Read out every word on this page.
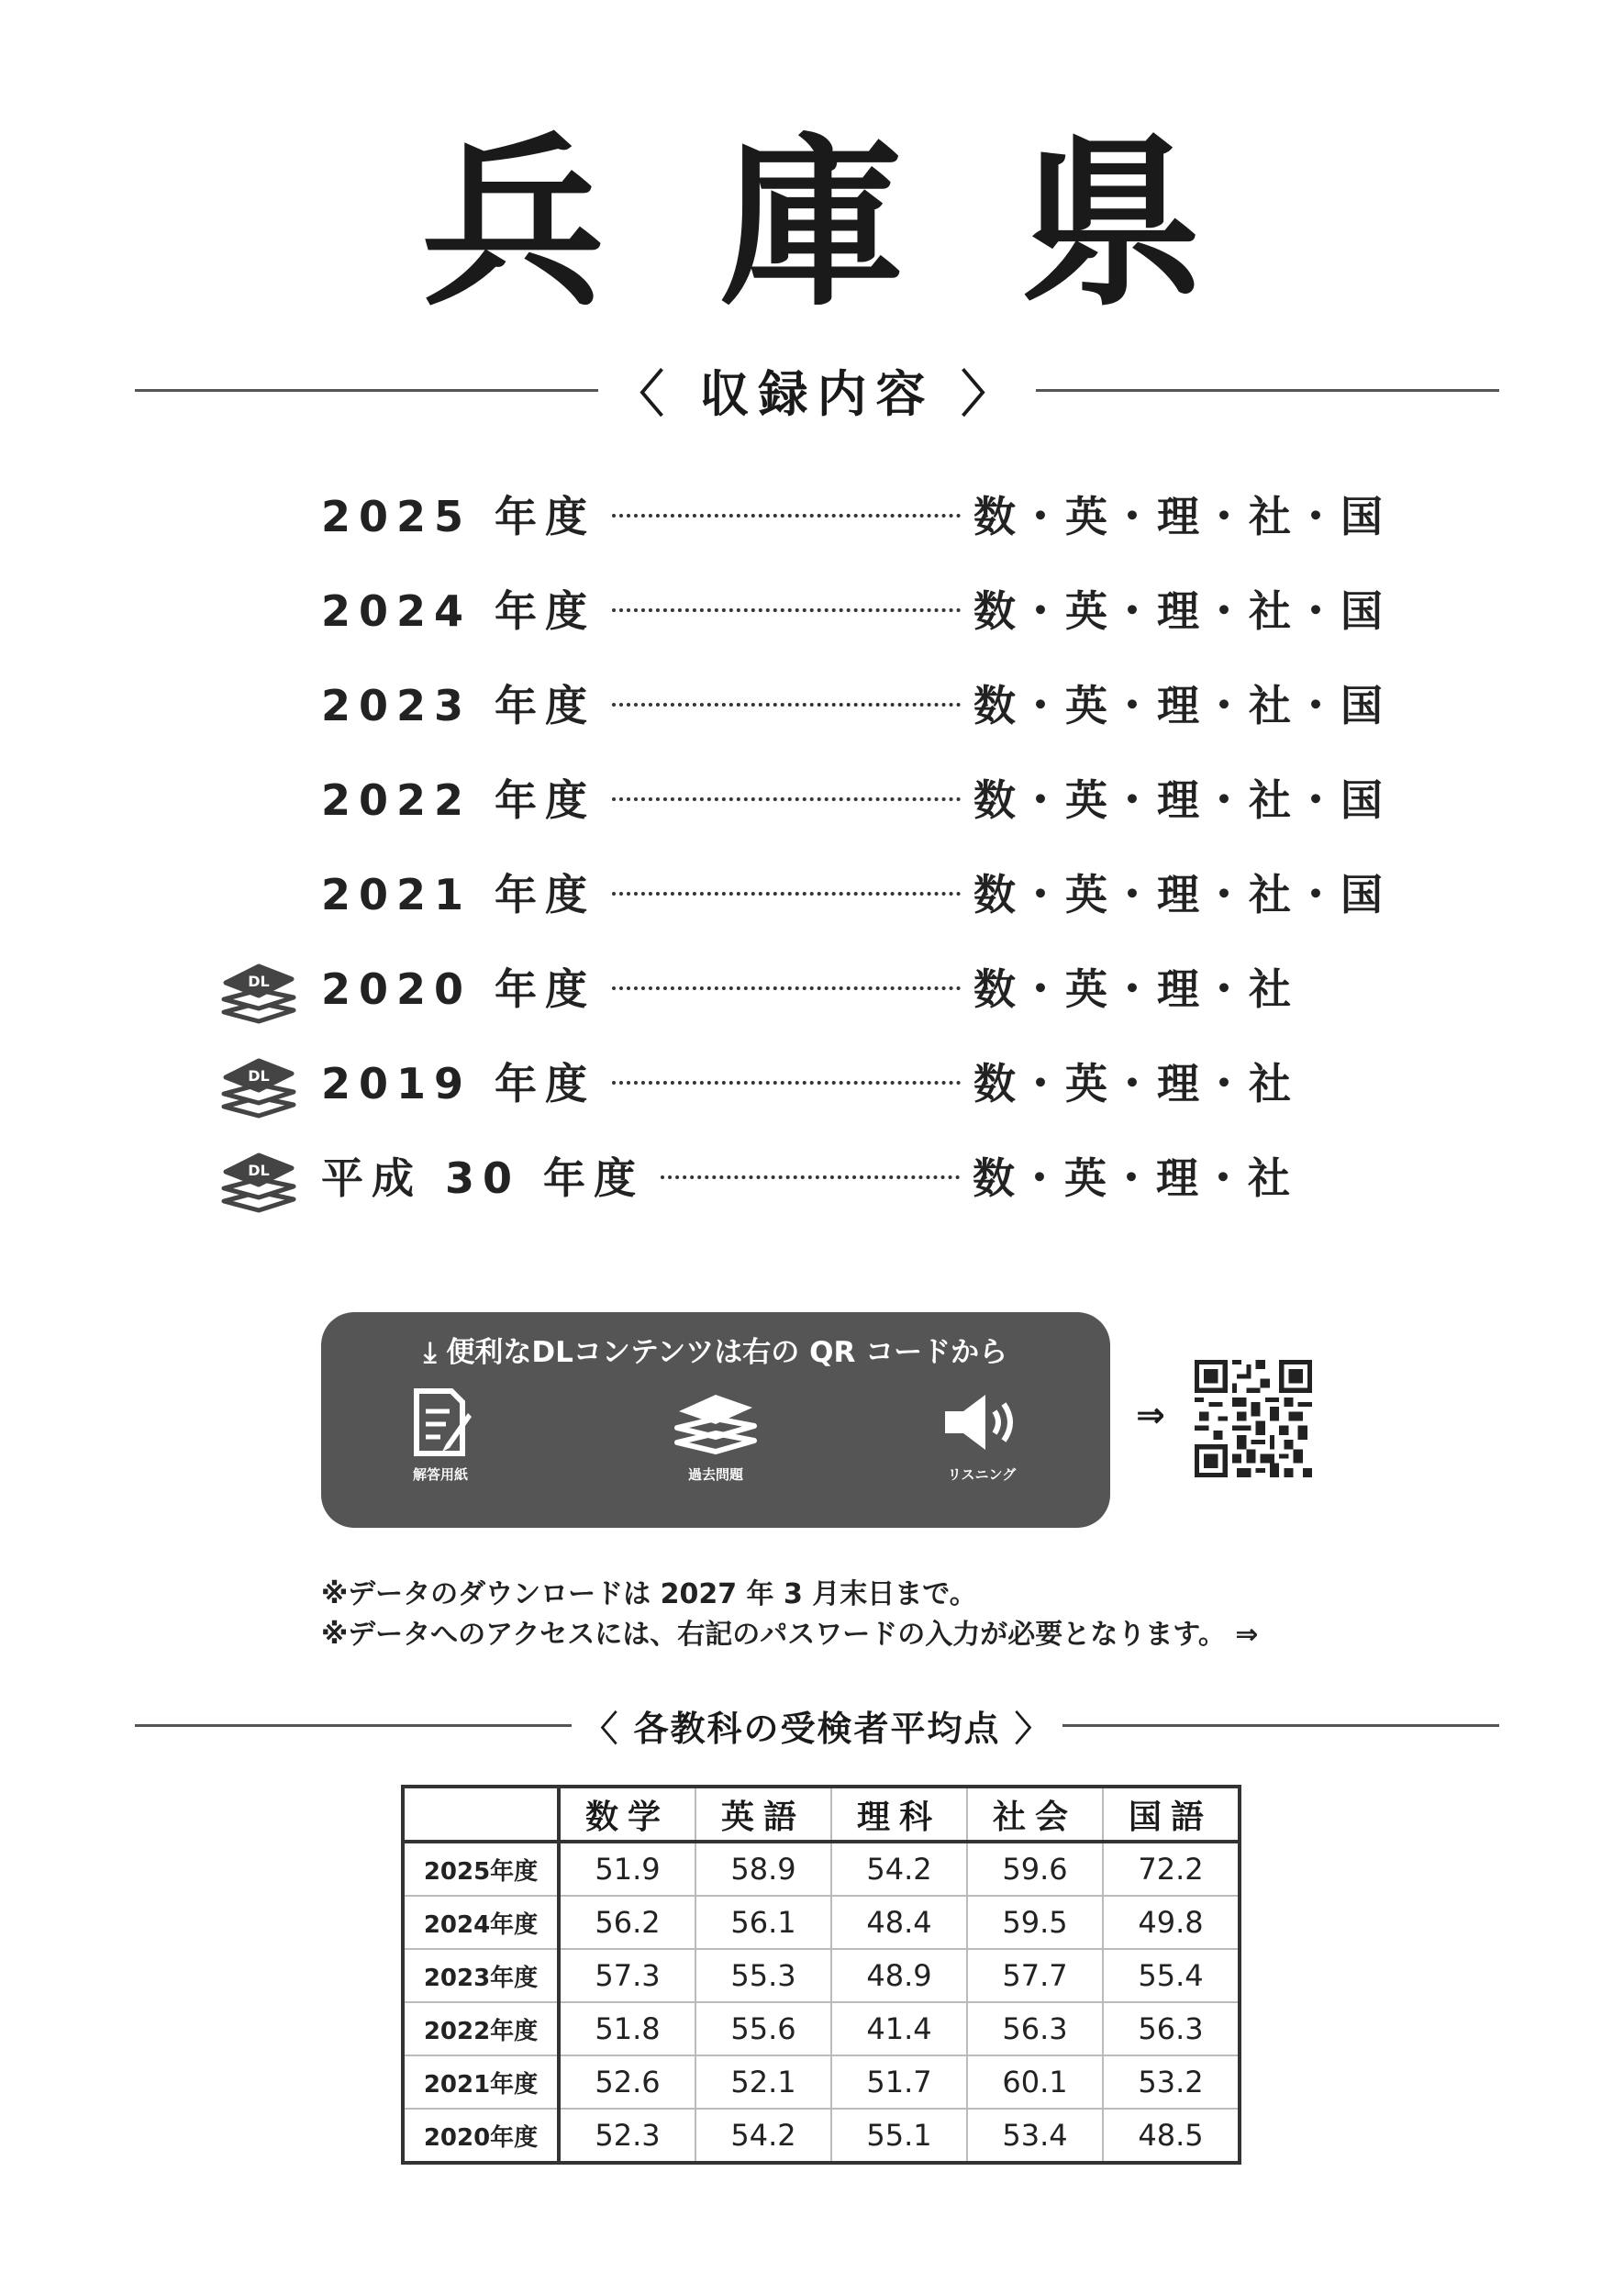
兵 庫 県
〈 収録内容 〉
2025 年度	数・英・理・社・国
2024 年度	数・英・理・社・国
2023 年度	数・英・理・社・国
2022 年度	数・英・理・社・国
2021 年度	数・英・理・社・国
2020 年度	数・英・理・社
2019 年度	数・英・理・社
平成 30 年度	数・英・理・社
DL
DL
DL
⤓ 便利なDLコンテンツは右の QR コードから
解答用紙	過去問題	リスニング
⇒
※データのダウンロードは 2027 年 3 月末日まで。
※データへのアクセスには、右記のパスワードの入力が必要となります。 ⇒
〈 各教科の受検者平均点 〉
	数学	英語	理科	社会	国語
2025年度	51.9	58.9	54.2	59.6	72.2
2024年度	56.2	56.1	48.4	59.5	49.8
2023年度	57.3	55.3	48.9	57.7	55.4
2022年度	51.8	55.6	41.4	56.3	56.3
2021年度	52.6	52.1	51.7	60.1	53.2
2020年度	52.3	54.2	55.1	53.4	48.5
